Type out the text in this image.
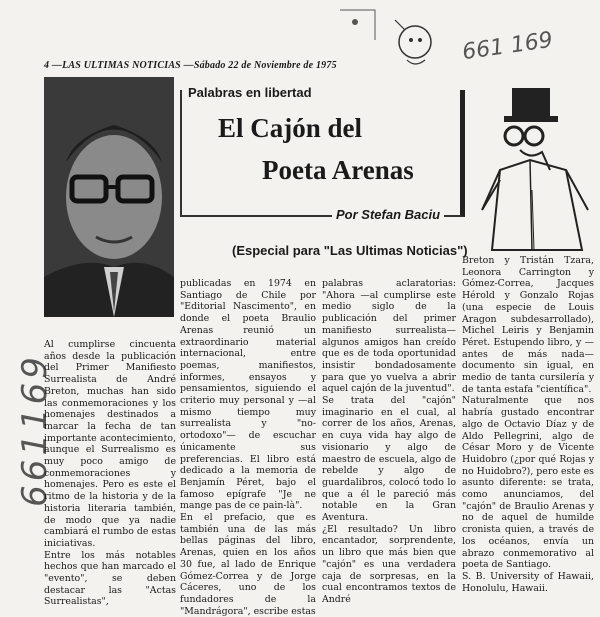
4 —LAS ULTIMAS NOTICIAS —Sábado 22 de Noviembre de 1975
661 169
661169
Palabras en libertad
El Cajón del
Poeta Arenas
Por Stefan Baciu
(Especial para "Las Ultimas Noticias")
Al cumplirse cincuenta años desde la publicación del Primer Manifiesto Surrealista de André Breton, muchas han sido las conmemoraciones y los homenajes destinados a marcar la fecha de tan importante acontecimiento, aunque el Surrealismo es muy poco amigo de conmemoraciones y homenajes. Pero es este el ritmo de la historia y de la historia literaria también, de modo que ya nadie cambiará el rumbo de estas iniciativas.
Entre los más notables hechos que han marcado el "evento", se deben destacar las "Actas Surrealistas",
publicadas en 1974 en Santiago de Chile por "Editorial Nascimento", en donde el poeta Braulio Arenas reunió un extraordinario material internacional, entre poemas, manifiestos, informes, ensayos y pensamientos, siguiendo el criterio muy personal y —al mismo tiempo muy surrealista y "no-ortodoxo"— de escuchar únicamente sus preferencias. El libro está dedicado a la memoria de Benjamín Péret, bajo el famoso epígrafe "Je ne mange pas de ce pain-là".
En el prefacio, que es también una de las más bellas páginas del libro, Arenas, quien en los años 30 fue, al lado de Enrique Gómez-Correa y de Jorge Cáceres, uno de los fundadores de la "Mandrágora", escribe estas
palabras aclaratorias: "Ahora —al cumplirse este medio siglo de la publicación del primer manifiesto surrealista— algunos amigos han creído que es de toda oportunidad insistir bondadosamente para que yo vuelva a abrir aquel cajón de la juventud".
Se trata del "cajón" imaginario en el cual, al correr de los años, Arenas, en cuya vida hay algo de visionario y algo de maestro de escuela, algo de rebelde y algo de guardalibros, colocó todo lo que a él le pareció más notable en la Gran Aventura.
¿El resultado? Un libro encantador, sorprendente, un libro que más bien que "cajón" es una verdadera caja de sorpresas, en la cual encontramos textos de André
Breton y Tristán Tzara, Leonora Carrington y Gómez-Correa, Jacques Hérold y Gonzalo Rojas (una especie de Louis Aragon subdesarrollado), Michel Leiris y Benjamin Péret. Estupendo libro, y —antes de más nada— documento sin igual, en medio de tanta cursilería y de tanta estafa "científica".
Naturalmente que nos habría gustado encontrar algo de Octavio Díaz y de Aldo Pellegrini, algo de César Moro y de Vicente Huidobro (¿por qué Rojas y no Huidobro?), pero este es asunto diferente: se trata, como anunciamos, del "cajón" de Braulio Arenas y no de aquel de humilde cronista quien, a través de los océanos, envía un abrazo conmemorativo al poeta de Santiago.
S. B. University of Hawaii, Honolulu, Hawaii.
